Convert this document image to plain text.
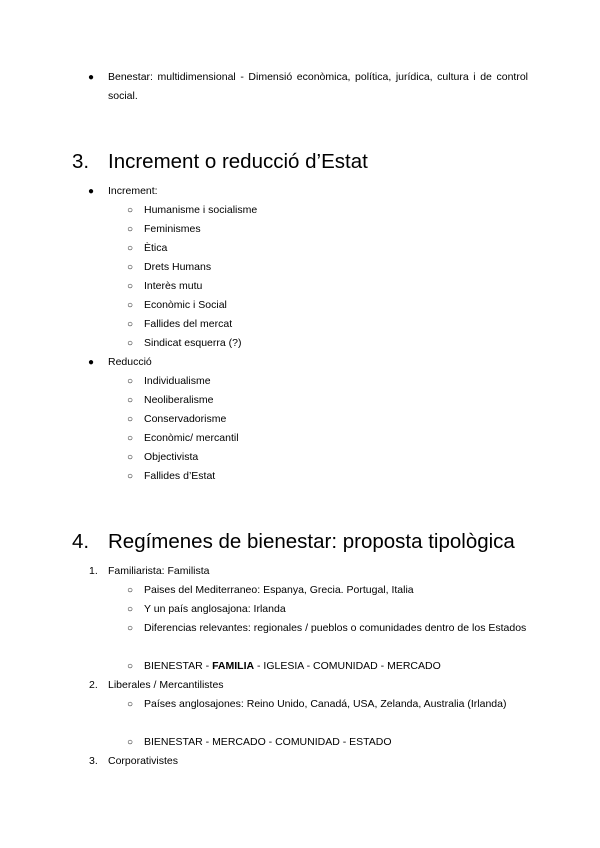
● Benestar: multidimensional - Dimensió econòmica, política, jurídica, cultura i de control social.
3. Increment o reducció d’Estat
● Increment:
○ Humanisme i socialisme
○ Feminismes
○ Ètica
○ Drets Humans
○ Interès mutu
○ Econòmic i Social
○ Fallides del mercat
○ Sindicat esquerra (?)
● Reducció
○ Individualisme
○ Neoliberalisme
○ Conservadorisme
○ Econòmic/ mercantil
○ Objectivista
○ Fallides d’Estat
4. Regímenes de bienestar: proposta tipològica
1. Familiarista: Familista
○ Paises del Mediterraneo: Espanya, Grecia. Portugal, Italia
○ Y un país anglosajona: Irlanda
○ Diferencias relevantes: regionales / pueblos o comunidades dentro de los Estados
○ BIENESTAR - FAMILIA - IGLESIA - COMUNIDAD - MERCADO
2. Liberales / Mercantilistes
○ Países anglosajones: Reino Unido, Canadá, USA, Zelanda, Australia (Irlanda)
○ BIENESTAR - MERCADO - COMUNIDAD - ESTADO
3. Corporativistes
